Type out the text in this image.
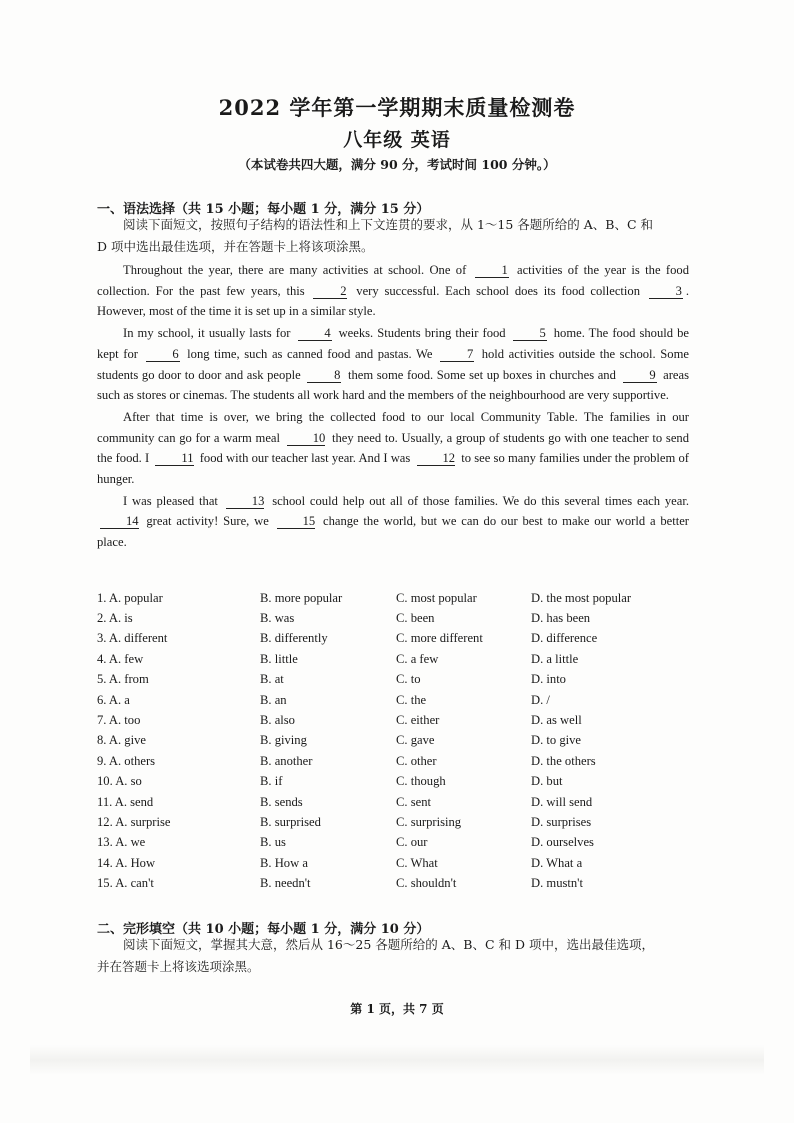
2022 学年第一学期期末质量检测卷
八年级 英语
（本试卷共四大题，满分 90 分，考试时间 100 分钟。）
一、语法选择（共 15 小题；每小题 1 分，满分 15 分）
阅读下面短文，按照句子结构的语法性和上下文连贯的要求，从 1～15 各题所给的 A、B、C 和
D 项中选出最佳选项，并在答题卡上将该项涂黑。

Throughout the year, there are many activities at school. One of 1 activities of the year is the food collection. For the past few years, this 2 very successful. Each school does its food collection 3 . However, most of the time it is set up in a similar style.

In my school, it usually lasts for 4 weeks. Students bring their food 5 home. The food should be kept for 6 long time, such as canned food and pastas. We 7 hold activities outside the school. Some students go door to door and ask people 8 them some food. Some set up boxes in churches and 9 areas such as stores or cinemas. The students all work hard and the members of the neighbourhood are very supportive.

After that time is over, we bring the collected food to our local Community Table. The families in our community can go for a warm meal 10 they need to. Usually, a group of students go with one teacher to send the food. I 11 food with our teacher last year. And I was 12 to see so many families under the problem of hunger.

I was pleased that 13 school could help out all of those families. We do this several times each year. 14 great activity! Sure, we 15 change the world, but we can do our best to make our world a better place.

1. A. popular	B. more popular	C. most popular	D. the most popular
2. A. is	B. was	C. been	D. has been
3. A. different	B. differently	C. more different	D. difference
4. A. few	B. little	C. a few	D. a little
5. A. from	B. at	C. to	D. into
6. A. a	B. an	C. the	D. /
7. A. too	B. also	C. either	D. as well
8. A. give	B. giving	C. gave	D. to give
9. A. others	B. another	C. other	D. the others
10. A. so	B. if	C. though	D. but
11. A. send	B. sends	C. sent	D. will send
12. A. surprise	B. surprised	C. surprising	D. surprises
13. A. we	B. us	C. our	D. ourselves
14. A. How	B. How a	C. What	D. What a
15. A. can't	B. needn't	C. shouldn't	D. mustn't
二、完形填空（共 10 小题；每小题 1 分，满分 10 分）
阅读下面短文，掌握其大意，然后从 16～25 各题所给的 A、B、C 和 D 项中，选出最佳选项，
并在答题卡上将该选项涂黑。
第 1 页，共 7 页
